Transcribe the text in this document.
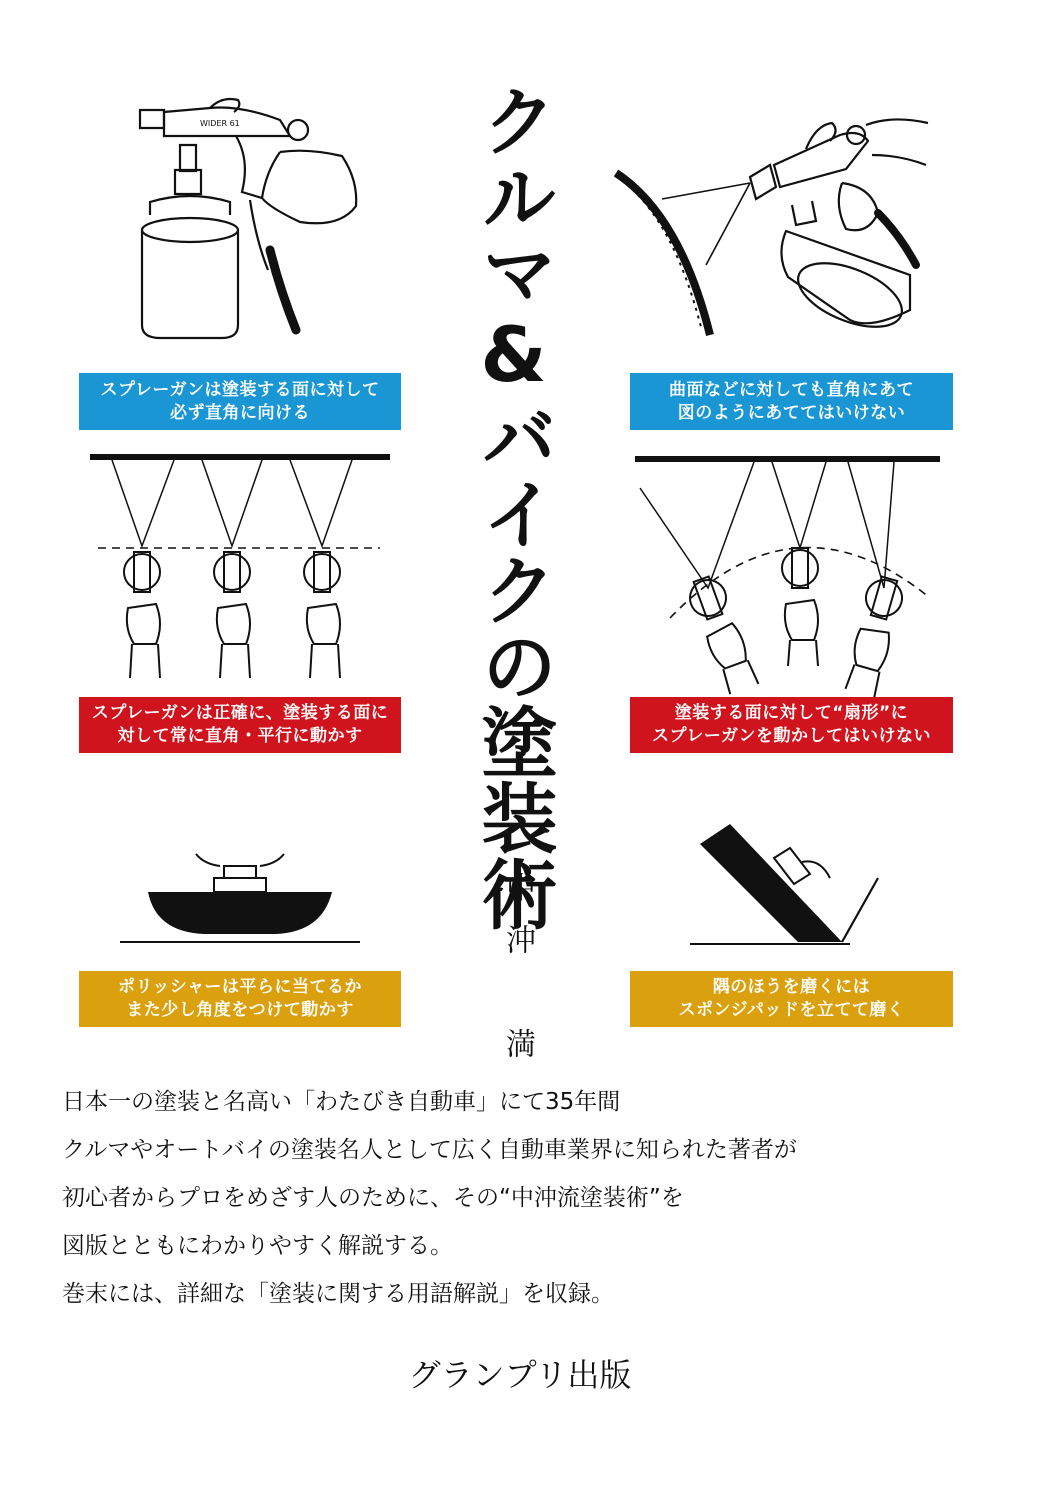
WIDER 61
スプレーガンは塗装する面に対して
必ず直角に向ける
曲面などに対しても直角にあて
図のようにあててはいけない
スプレーガンは正確に、塗装する面に
対して常に直角・平行に動かす
塗装する面に対して“扇形”に
スプレーガンを動かしてはいけない
ポリッシャーは平らに当てるか
また少し角度をつけて動かす
隅のほうを磨くには
スポンジパッドを立てて磨く
クルマ&バイクの塗装術
中沖　満
日本一の塗装と名高い「わたびき自動車」にて35年間
クルマやオートバイの塗装名人として広く自動車業界に知られた著者が
初心者からプロをめざす人のために、その“中沖流塗装術”を
図版とともにわかりやすく解説する。
巻末には、詳細な「塗装に関する用語解説」を収録。
グランプリ出版
